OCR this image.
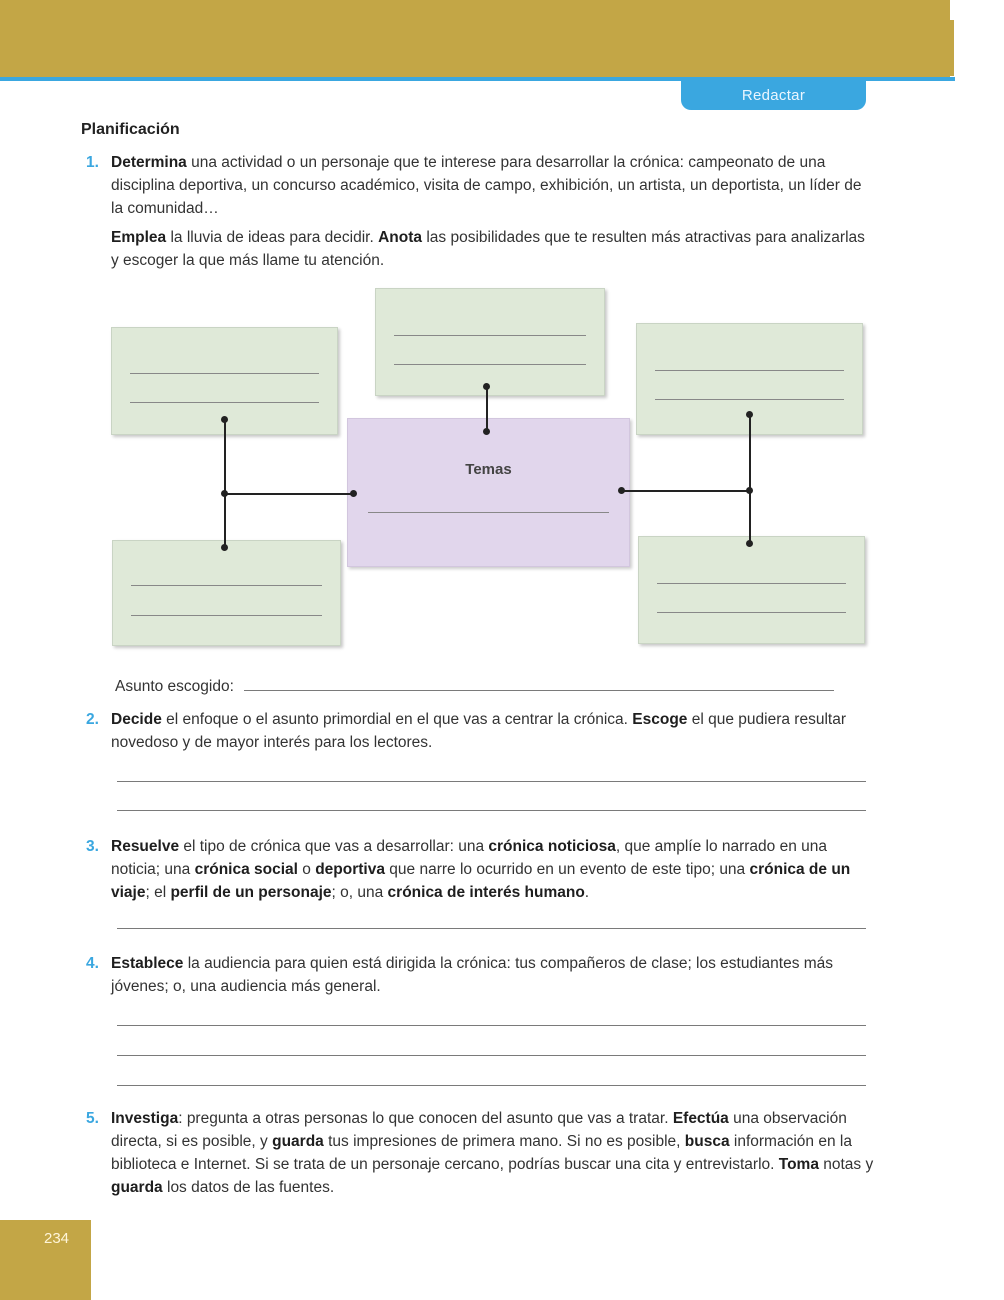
Redactar
Planificación
1. Determina una actividad o un personaje que te interese para desarrollar la crónica: campeonato de una disciplina deportiva, un concurso académico, visita de campo, exhibición, un artista, un deportista, un líder de la comunidad…
Emplea la lluvia de ideas para decidir. Anota las posibilidades que te resulten más atractivas para analizarlas y escoger la que más llame tu atención.
Temas
Asunto escogido:
2. Decide el enfoque o el asunto primordial en el que vas a centrar la crónica. Escoge el que pudiera resultar novedoso y de mayor interés para los lectores.
3. Resuelve el tipo de crónica que vas a desarrollar: una crónica noticiosa, que amplíe lo narrado en una noticia; una crónica social o deportiva que narre lo ocurrido en un evento de este tipo; una crónica de un viaje; el perfil de un personaje; o, una crónica de interés humano.
4. Establece la audiencia para quien está dirigida la crónica: tus compañeros de clase; los estudiantes más jóvenes; o, una audiencia más general.
5. Investiga: pregunta a otras personas lo que conocen del asunto que vas a tratar. Efectúa una observación directa, si es posible, y guarda tus impresiones de primera mano. Si no es posible, busca información en la biblioteca e Internet. Si se trata de un personaje cercano, podrías buscar una cita y entrevistarlo. Toma notas y guarda los datos de las fuentes.
234
